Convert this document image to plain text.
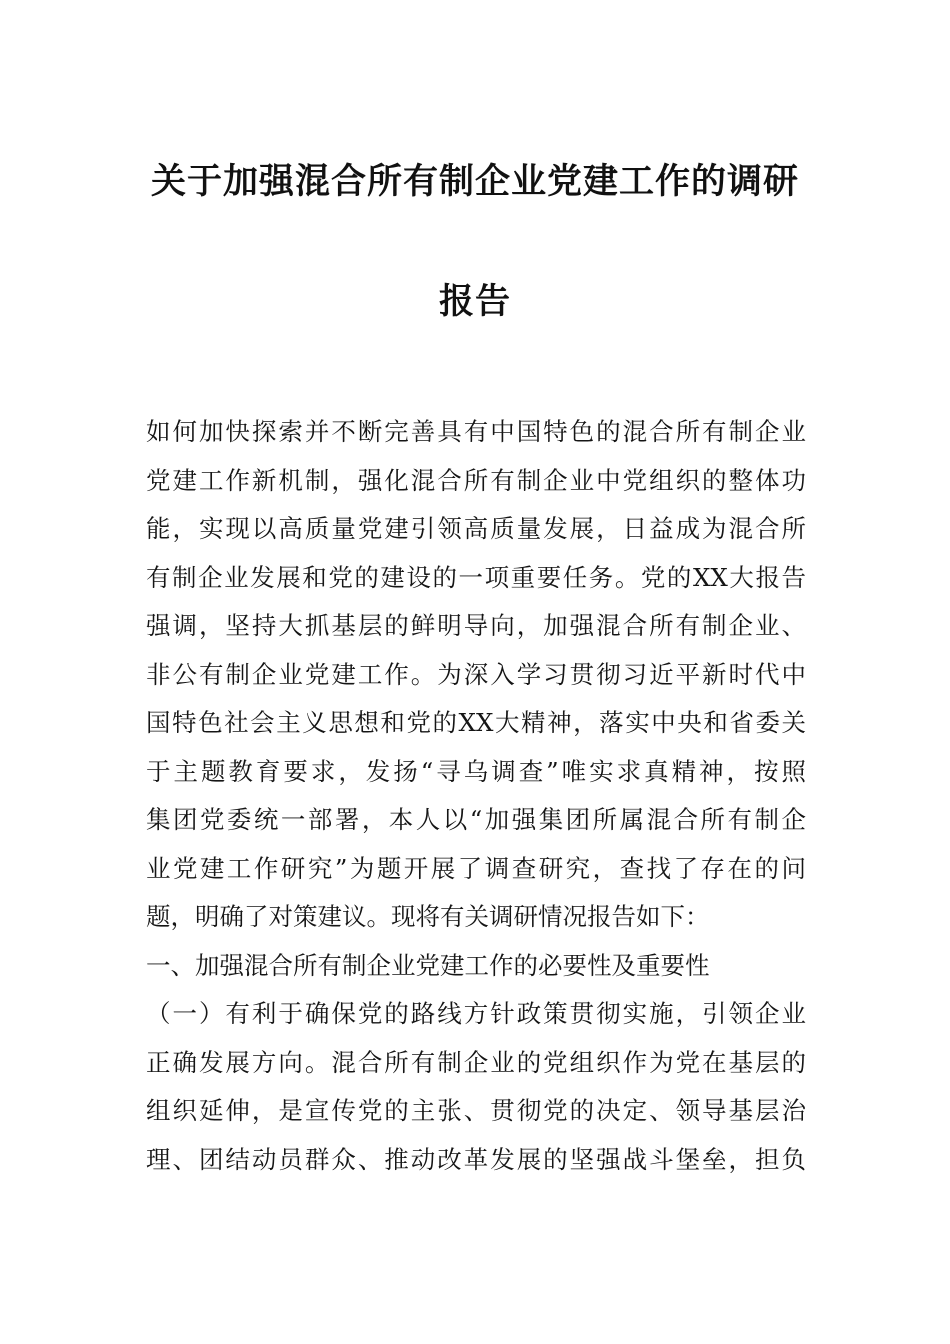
关于加强混合所有制企业党建工作的调研
报告
如何加快探索并不断完善具有中国特色的混合所有制企业
党建工作新机制，强化混合所有制企业中党组织的整体功
能，实现以高质量党建引领高质量发展，日益成为混合所
有制企业发展和党的建设的一项重要任务。党的XX大报告
强调，坚持大抓基层的鲜明导向，加强混合所有制企业、
非公有制企业党建工作。为深入学习贯彻习近平新时代中
国特色社会主义思想和党的XX大精神，落实中央和省委关
于主题教育要求，发扬“寻乌调查”唯实求真精神，按照
集团党委统一部署，本人以“加强集团所属混合所有制企
业党建工作研究”为题开展了调查研究，查找了存在的问
题，明确了对策建议。现将有关调研情况报告如下：
一、加强混合所有制企业党建工作的必要性及重要性
（一）有利于确保党的路线方针政策贯彻实施，引领企业
正确发展方向。混合所有制企业的党组织作为党在基层的
组织延伸，是宣传党的主张、贯彻党的决定、领导基层治
理、团结动员群众、推动改革发展的坚强战斗堡垒，担负
